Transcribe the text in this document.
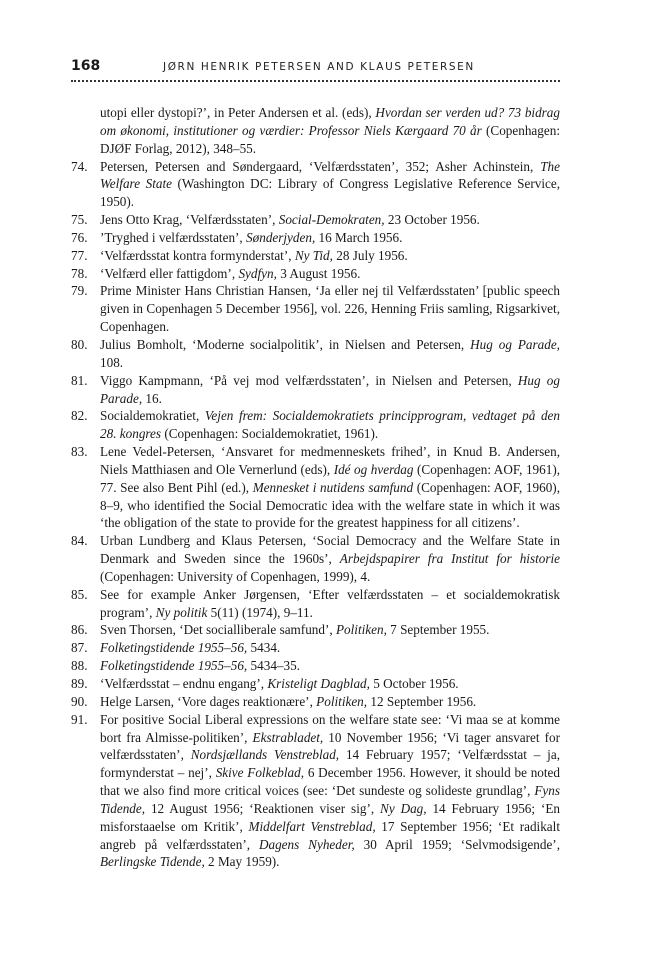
168	JØRN HENRIK PETERSEN AND KLAUS PETERSEN
utopi eller dystopi?’, in Peter Andersen et al. (eds), Hvordan ser verden ud? 73 bidrag om økonomi, institutioner og værdier: Professor Niels Kærgaard 70 år (Copenhagen: DJØF Forlag, 2012), 348–55.
74. Petersen, Petersen and Søndergaard, ‘Velfærdsstaten’, 352; Asher Achinstein, The Welfare State (Washington DC: Library of Congress Legislative Reference Service, 1950).
75. Jens Otto Krag, ‘Velfærdsstaten’, Social-Demokraten, 23 October 1956.
76. ’Tryghed i velfærdsstaten’, Sønderjyden, 16 March 1956.
77. ‘Velfærdsstat kontra formynderstat’, Ny Tid, 28 July 1956.
78. ‘Velfærd eller fattigdom’, Sydfyn, 3 August 1956.
79. Prime Minister Hans Christian Hansen, ‘Ja eller nej til Velfærdsstaten’ [public speech given in Copenhagen 5 December 1956], vol. 226, Henning Friis samling, Rigsarkivet, Copenhagen.
80. Julius Bomholt, ‘Moderne socialpolitik’, in Nielsen and Petersen, Hug og Parade, 108.
81. Viggo Kampmann, ‘På vej mod velfærdsstaten’, in Nielsen and Petersen, Hug og Parade, 16.
82. Socialdemokratiet, Vejen frem: Socialdemokratiets principprogram, vedtaget på den 28. kongres (Copenhagen: Socialdemokratiet, 1961).
83. Lene Vedel-Petersen, ‘Ansvaret for medmenneskets frihed’, in Knud B. Andersen, Niels Matthiasen and Ole Vernerlund (eds), Idé og hverdag (Copenhagen: AOF, 1961), 77. See also Bent Pihl (ed.), Mennesket i nutidens samfund (Copenhagen: AOF, 1960), 8–9, who identified the Social Democratic idea with the welfare state in which it was ‘the obligation of the state to provide for the greatest happiness for all citizens’.
84. Urban Lundberg and Klaus Petersen, ‘Social Democracy and the Welfare State in Denmark and Sweden since the 1960s’, Arbejdspapirer fra Institut for historie (Copenhagen: University of Copenhagen, 1999), 4.
85. See for example Anker Jørgensen, ‘Efter velfærdsstaten – et socialdemokratisk program’, Ny politik 5(11) (1974), 9–11.
86. Sven Thorsen, ‘Det socialliberale samfund’, Politiken, 7 September 1955.
87. Folketingstidende 1955–56, 5434.
88. Folketingstidende 1955–56, 5434–35.
89. ‘Velfærdsstat – endnu engang’, Kristeligt Dagblad, 5 October 1956.
90. Helge Larsen, ‘Vore dages reaktionære’, Politiken, 12 September 1956.
91. For positive Social Liberal expressions on the welfare state see: ‘Vi maa se at komme bort fra Almisse-politiken’, Ekstrabladet, 10 November 1956; ‘Vi tager ansvaret for velfærdsstaten’, Nordsjællands Venstreblad, 14 February 1957; ‘Velfærdsstat – ja, formynderstat – nej’, Skive Folkeblad, 6 December 1956. However, it should be noted that we also find more critical voices (see: ‘Det sundeste og solideste grundlag’, Fyns Tidende, 12 August 1956; ‘Reaktionen viser sig’, Ny Dag, 14 February 1956; ‘En misforstaaelse om Kritik’, Middelfart Venstreblad, 17 September 1956; ‘Et radikalt angreb på velfærdsstaten’, Dagens Nyheder, 30 April 1959; ‘Selvmodsigende’, Berlingske Tidende, 2 May 1959).
